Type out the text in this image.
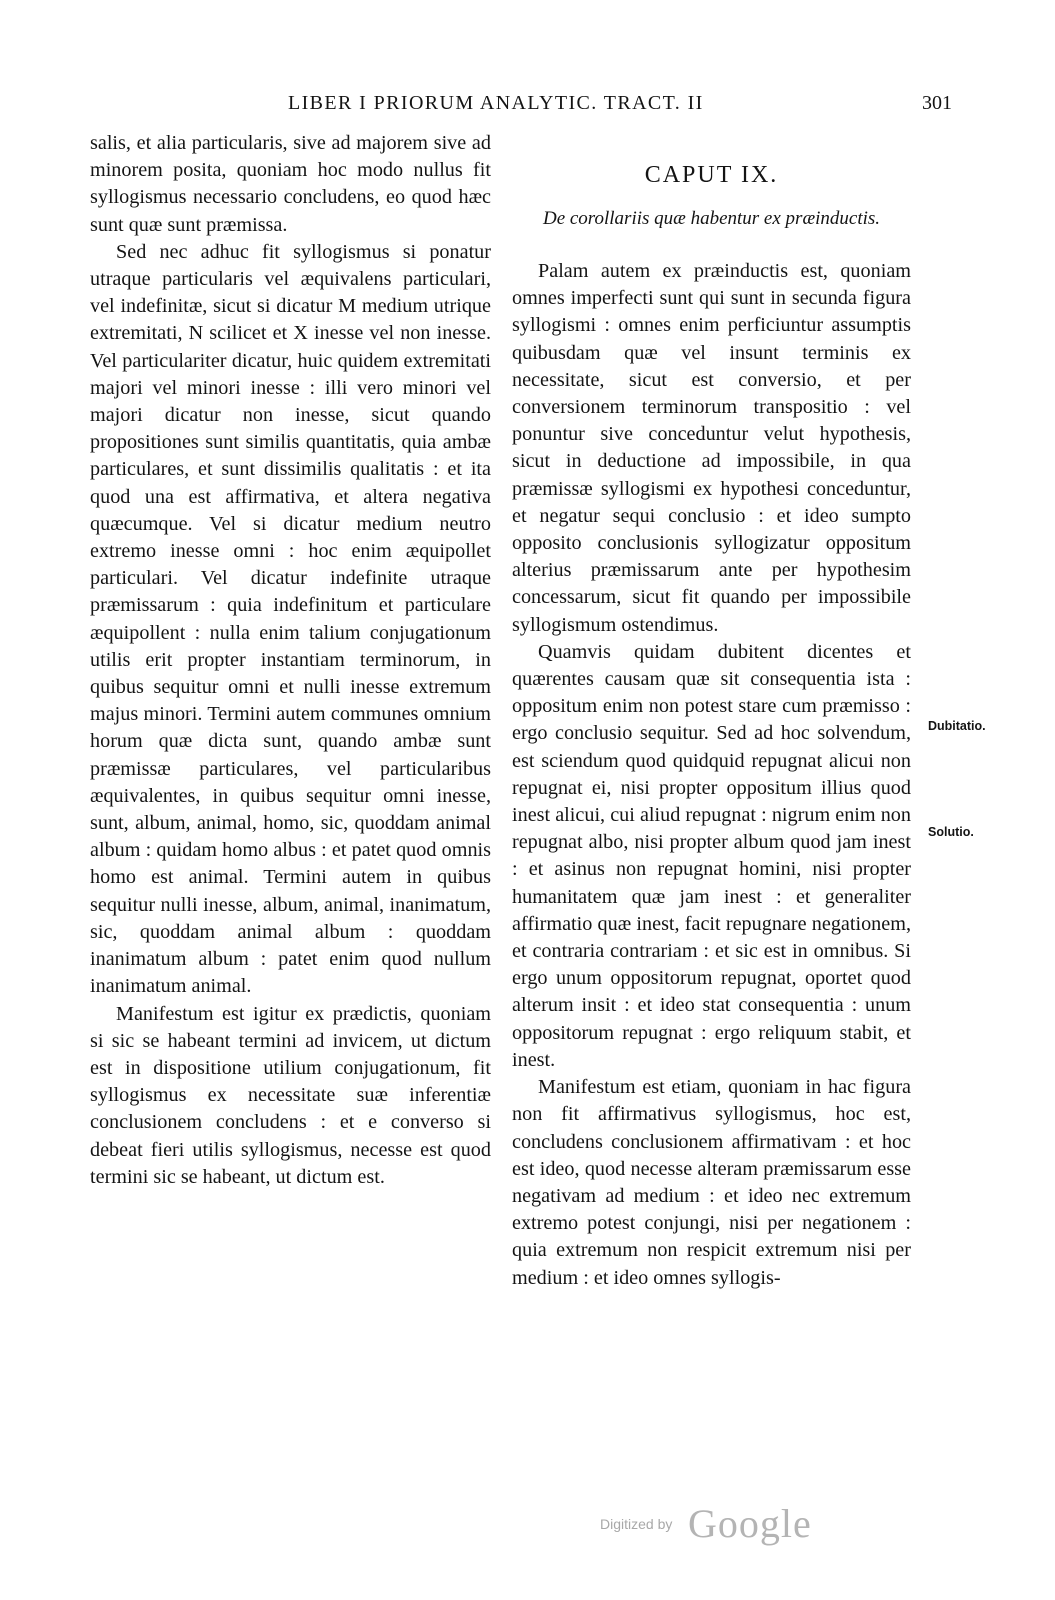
LIBER I PRIORUM ANALYTIC. TRACT. II	301

salis, et alia particularis, sive ad majorem sive ad minorem posita, quoniam hoc modo nullus fit syllogismus necessario concludens, eo quod hæc sunt quæ sunt præmissa.

Sed nec adhuc fit syllogismus si ponatur utraque particularis vel æquivalens particulari, vel indefinitæ, sicut si dicatur M medium utrique extremitati, N scilicet et X inesse vel non inesse. Vel particulariter dicatur, huic quidem extremitati majori vel minori inesse : illi vero minori vel majori dicatur non inesse, sicut quando propositiones sunt similis quantitatis, quia ambæ particulares, et sunt dissimilis qualitatis : et ita quod una est affirmativa, et altera negativa quæcumque. Vel si dicatur medium neutro extremo inesse omni : hoc enim æquipollet particulari. Vel dicatur indefinite utraque præmissarum : quia indefinitum et particulare æquipollent : nulla enim talium conjugationum utilis erit propter instantiam terminorum, in quibus sequitur omni et nulli inesse extremum majus minori. Termini autem communes omnium horum quæ dicta sunt, quando ambæ sunt præmissæ particulares, vel particularibus æquivalentes, in quibus sequitur omni inesse, sunt, album, animal, homo, sic, quoddam animal album : quidam homo albus : et patet quod omnis homo est animal. Termini autem in quibus sequitur nulli inesse, album, animal, inanimatum, sic, quoddam animal album : quoddam inanimatum album : patet enim quod nullum inanimatum animal.

Manifestum est igitur ex prædictis, quoniam si sic se habeant termini ad invicem, ut dictum est in dispositione utilium conjugationum, fit syllogismus ex necessitate suæ inferentiæ conclusionem concludens : et e converso si debeat fieri utilis syllogismus, necesse est quod termini sic se habeant, ut dictum est.

CAPUT IX.
De corollariis quæ habentur ex præinductis.

Palam autem ex præinductis est, quoniam omnes imperfecti sunt qui sunt in secunda figura syllogismi : omnes enim perficiuntur assumptis quibusdam quæ vel insunt terminis ex necessitate, sicut est conversio, et per conversionem terminorum transpositio : vel ponuntur sive conceduntur velut hypothesis, sicut in deductione ad impossibile, in qua præmissæ syllogismi ex hypothesi conceduntur, et negatur sequi conclusio : et ideo sumpto opposito conclusionis syllogizatur oppositum alterius præmissarum ante per hypothesim concessarum, sicut fit quando per impossibile syllogismum ostendimus.

Quamvis quidam dubitent dicentes et quærentes causam quæ sit consequentia ista : oppositum enim non potest stare cum præmisso : ergo conclusio sequitur. Sed ad hoc solvendum, est sciendum quod quidquid repugnat alicui non repugnat ei, nisi propter oppositum illius quod inest alicui, cui aliud repugnat : nigrum enim non repugnat albo, nisi propter album quod jam inest : et asinus non repugnat homini, nisi propter humanitatem quæ jam inest : et generaliter affirmatio quæ inest, facit repugnare negationem, et contraria contrariam : et sic est in omnibus. Si ergo unum oppositorum repugnat, oportet quod alterum insit : et ideo stat consequentia : unum oppositorum repugnat : ergo reliquum stabit, et inest.

Manifestum est etiam, quoniam in hac figura non fit affirmativus syllogismus, hoc est, concludens conclusionem affirmativam : et hoc est ideo, quod necesse alteram præmissarum esse negativam ad medium : et ideo nec extremum extremo potest conjungi, nisi per negationem : quia extremum non respicit extremum nisi per medium : et ideo omnes syllogis-

Dubitatio.
Solutio.
Digitized by Google
